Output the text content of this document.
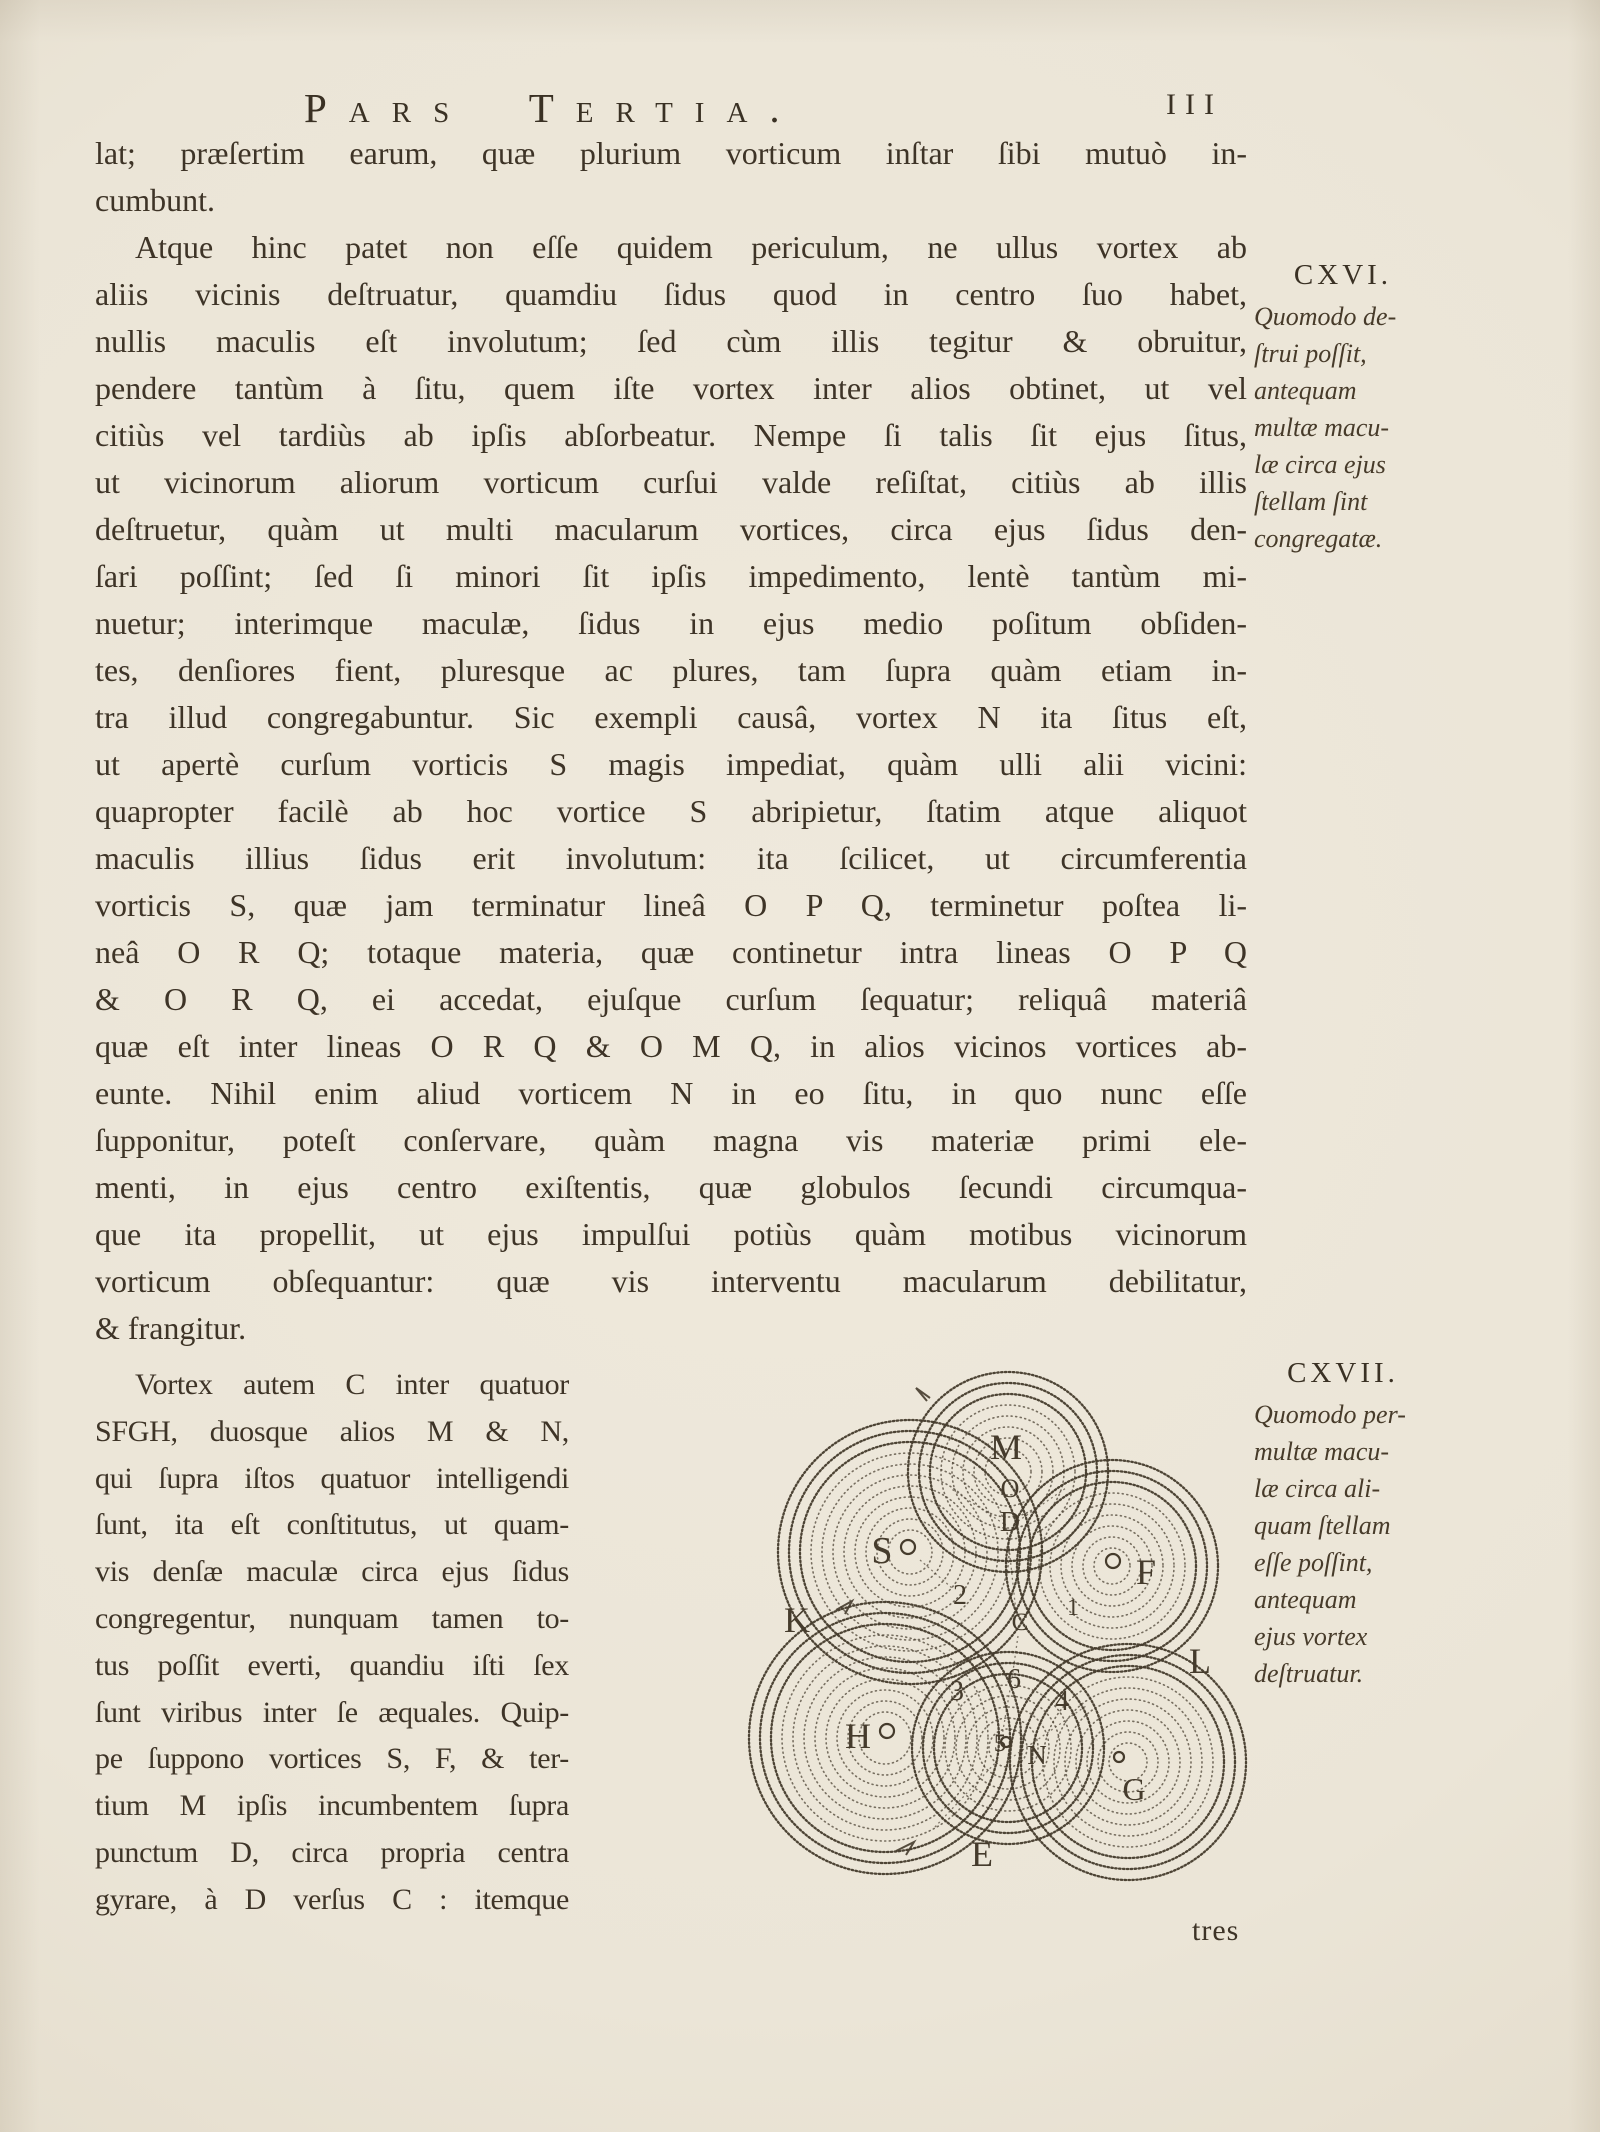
Pars Tertia.	III
lat; præſertim earum, quæ plurium vorticum inſtar ſibi mutuò in-
cumbunt.
Atque hinc patet non eſſe quidem periculum, ne ullus vortex ab
aliis vicinis deſtruatur, quamdiu ſidus quod in centro ſuo habet,
nullis maculis eſt involutum; ſed cùm illis tegitur & obruitur,
pendere tantùm à ſitu, quem iſte vortex inter alios obtinet, ut vel
citiùs vel tardiùs ab ipſis abſorbeatur. Nempe ſi talis ſit ejus ſitus,
ut vicinorum aliorum vorticum curſui valde reſiſtat, citiùs ab illis
deſtruetur, quàm ut multi macularum vortices, circa ejus ſidus den-
ſari poſſint; ſed ſi minori ſit ipſis impedimento, lentè tantùm mi-
nuetur; interimque maculæ, ſidus in ejus medio poſitum obſiden-
tes, denſiores fient, pluresque ac plures, tam ſupra quàm etiam in-
tra illud congregabuntur. Sic exempli causâ, vortex N ita ſitus eſt,
ut apertè curſum vorticis S magis impediat, quàm ulli alii vicini:
quapropter facilè ab hoc vortice S abripietur, ſtatim atque aliquot
maculis illius ſidus erit involutum: ita ſcilicet, ut circumferentia
vorticis S, quæ jam terminatur lineâ O P Q, terminetur poſtea li-
neâ O R Q; totaque materia, quæ continetur intra lineas O P Q
& O R Q, ei accedat, ejuſque curſum ſequatur; reliquâ materiâ
quæ eſt inter lineas O R Q & O M Q, in alios vicinos vortices ab-
eunte. Nihil enim aliud vorticem N in eo ſitu, in quo nunc eſſe
ſupponitur, poteſt conſervare, quàm magna vis materiæ primi ele-
menti, in ejus centro exiſtentis, quæ globulos ſecundi circumqua-
que ita propellit, ut ejus impulſui potiùs quàm motibus vicinorum
vorticum obſequantur: quæ vis interventu macularum debilitatur,
& frangitur.
CXVI.
Quomodo de-
ſtrui poſſit,
antequam
multæ macu-
læ circa ejus
ſtellam ſint
congregatæ.
CXVII.
Quomodo per-
multæ macu-
læ circa ali-
quam ſtellam
eſſe poſſint,
antequam
ejus vortex
deſtruatur.
Vortex autem C inter quatuor
SFGH, duosque alios M & N,
qui ſupra iſtos quatuor intelligendi
ſunt, ita eſt conſtitutus, ut quam-
vis denſæ maculæ circa ejus ſidus
congregentur, nunquam tamen to-
tus poſſit everti, quandiu iſti ſex
ſunt viribus inter ſe æquales. Quip-
pe ſuppono vortices S, F, & ter-
tium M ipſis incumbentem ſupra
punctum D, circa propria centra
gyrare, à D verſus C : itemque
M
O
D
S	F
K
L
2
C
1
6
3	4
5 N
H
G
E
tres
